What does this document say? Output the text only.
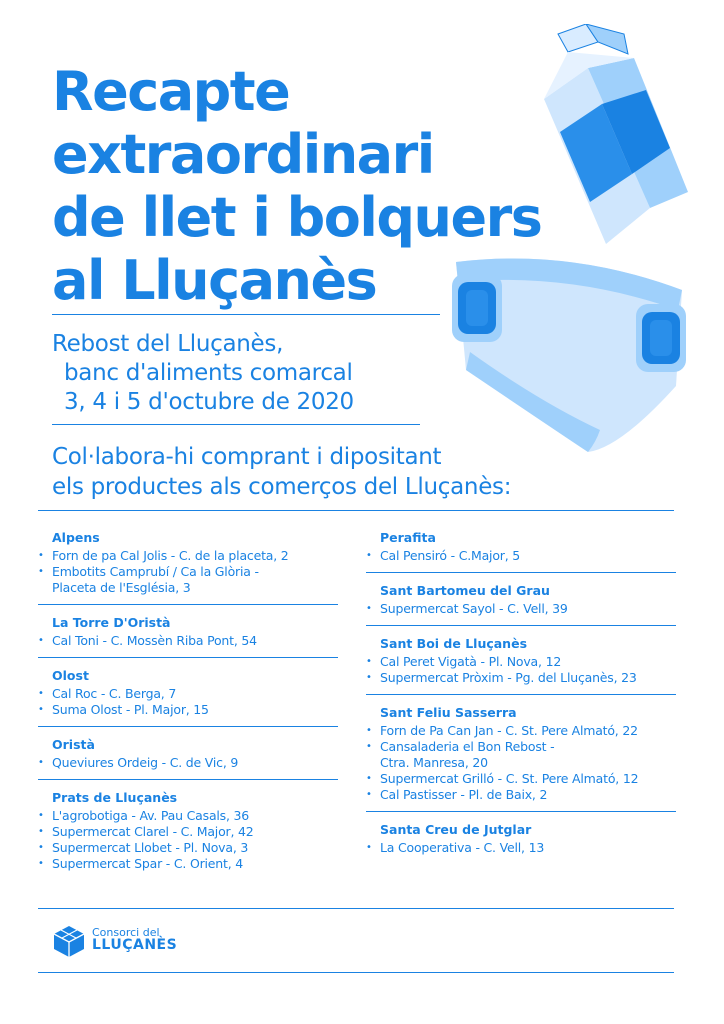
Recapte
extraordinari
de llet i bolquers
al Lluçanès
Rebost del Lluçanès,
banc d'aliments comarcal
3, 4 i 5 d'octubre de 2020
Col·labora-hi comprant i dipositant
els productes als comerços del Lluçanès:
Alpens
• Forn de pa Cal Jolis - C. de la placeta, 2
• Embotits Camprubí / Ca la Glòria -
Placeta de l'Església, 3
La Torre D'Oristà
• Cal Toni - C. Mossèn Riba Pont, 54
Olost
• Cal Roc - C. Berga, 7
• Suma Olost - Pl. Major, 15
Oristà
• Queviures Ordeig - C. de Vic, 9
Prats de Lluçanès
• L'agrobotiga - Av. Pau Casals, 36
• Supermercat Clarel - C. Major, 42
• Supermercat Llobet - Pl. Nova, 3
• Supermercat Spar - C. Orient, 4
Perafita
• Cal Pensiró - C.Major, 5
Sant Bartomeu del Grau
• Supermercat Sayol - C. Vell, 39
Sant Boi de Lluçanès
• Cal Peret Vigatà - Pl. Nova, 12
• Supermercat Pròxim - Pg. del Lluçanès, 23
Sant Feliu Sasserra
• Forn de Pa Can Jan - C. St. Pere Almató, 22
• Cansaladeria el Bon Rebost -
Ctra. Manresa, 20
• Supermercat Grilló - C. St. Pere Almató, 12
• Cal Pastisser - Pl. de Baix, 2
Santa Creu de Jutglar
• La Cooperativa - C. Vell, 13
Consorci del
LLUÇANÈS
